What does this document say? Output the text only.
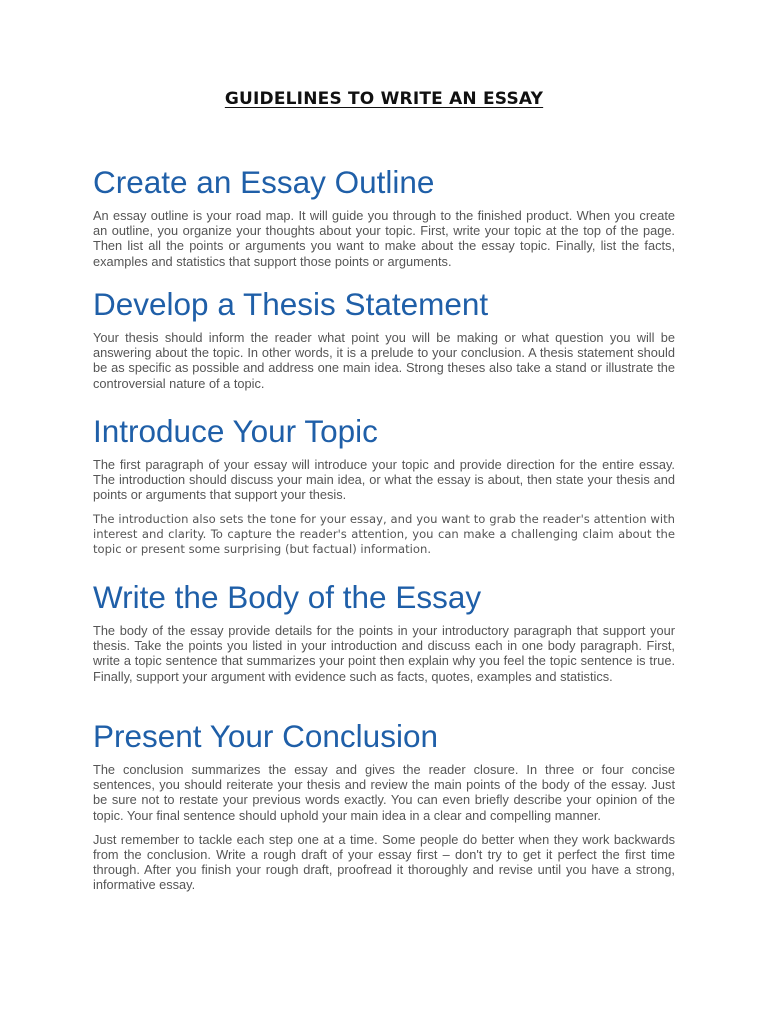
GUIDELINES TO WRITE AN ESSAY
Create an Essay Outline

An essay outline is your road map. It will guide you through to the finished product. When you create an outline, you organize your thoughts about your topic. First, write your topic at the top of the page. Then list all the points or arguments you want to make about the essay topic. Finally, list the facts, examples and statistics that support those points or arguments.

Develop a Thesis Statement

Your thesis should inform the reader what point you will be making or what question you will be answering about the topic. In other words, it is a prelude to your conclusion. A thesis statement should be as specific as possible and address one main idea. Strong theses also take a stand or illustrate the controversial nature of a topic.

Introduce Your Topic

The first paragraph of your essay will introduce your topic and provide direction for the entire essay. The introduction should discuss your main idea, or what the essay is about, then state your thesis and points or arguments that support your thesis.

The introduction also sets the tone for your essay, and you want to grab the reader's attention with interest and clarity. To capture the reader's attention, you can make a challenging claim about the topic or present some surprising (but factual) information.

Write the Body of the Essay

The body of the essay provide details for the points in your introductory paragraph that support your thesis. Take the points you listed in your introduction and discuss each in one body paragraph. First, write a topic sentence that summarizes your point then explain why you feel the topic sentence is true. Finally, support your argument with evidence such as facts, quotes, examples and statistics.

Present Your Conclusion

The conclusion summarizes the essay and gives the reader closure. In three or four concise sentences, you should reiterate your thesis and review the main points of the body of the essay. Just be sure not to restate your previous words exactly. You can even briefly describe your opinion of the topic. Your final sentence should uphold your main idea in a clear and compelling manner.

Just remember to tackle each step one at a time. Some people do better when they work backwards from the conclusion. Write a rough draft of your essay first – don't try to get it perfect the first time through. After you finish your rough draft, proofread it thoroughly and revise until you have a strong, informative essay.
